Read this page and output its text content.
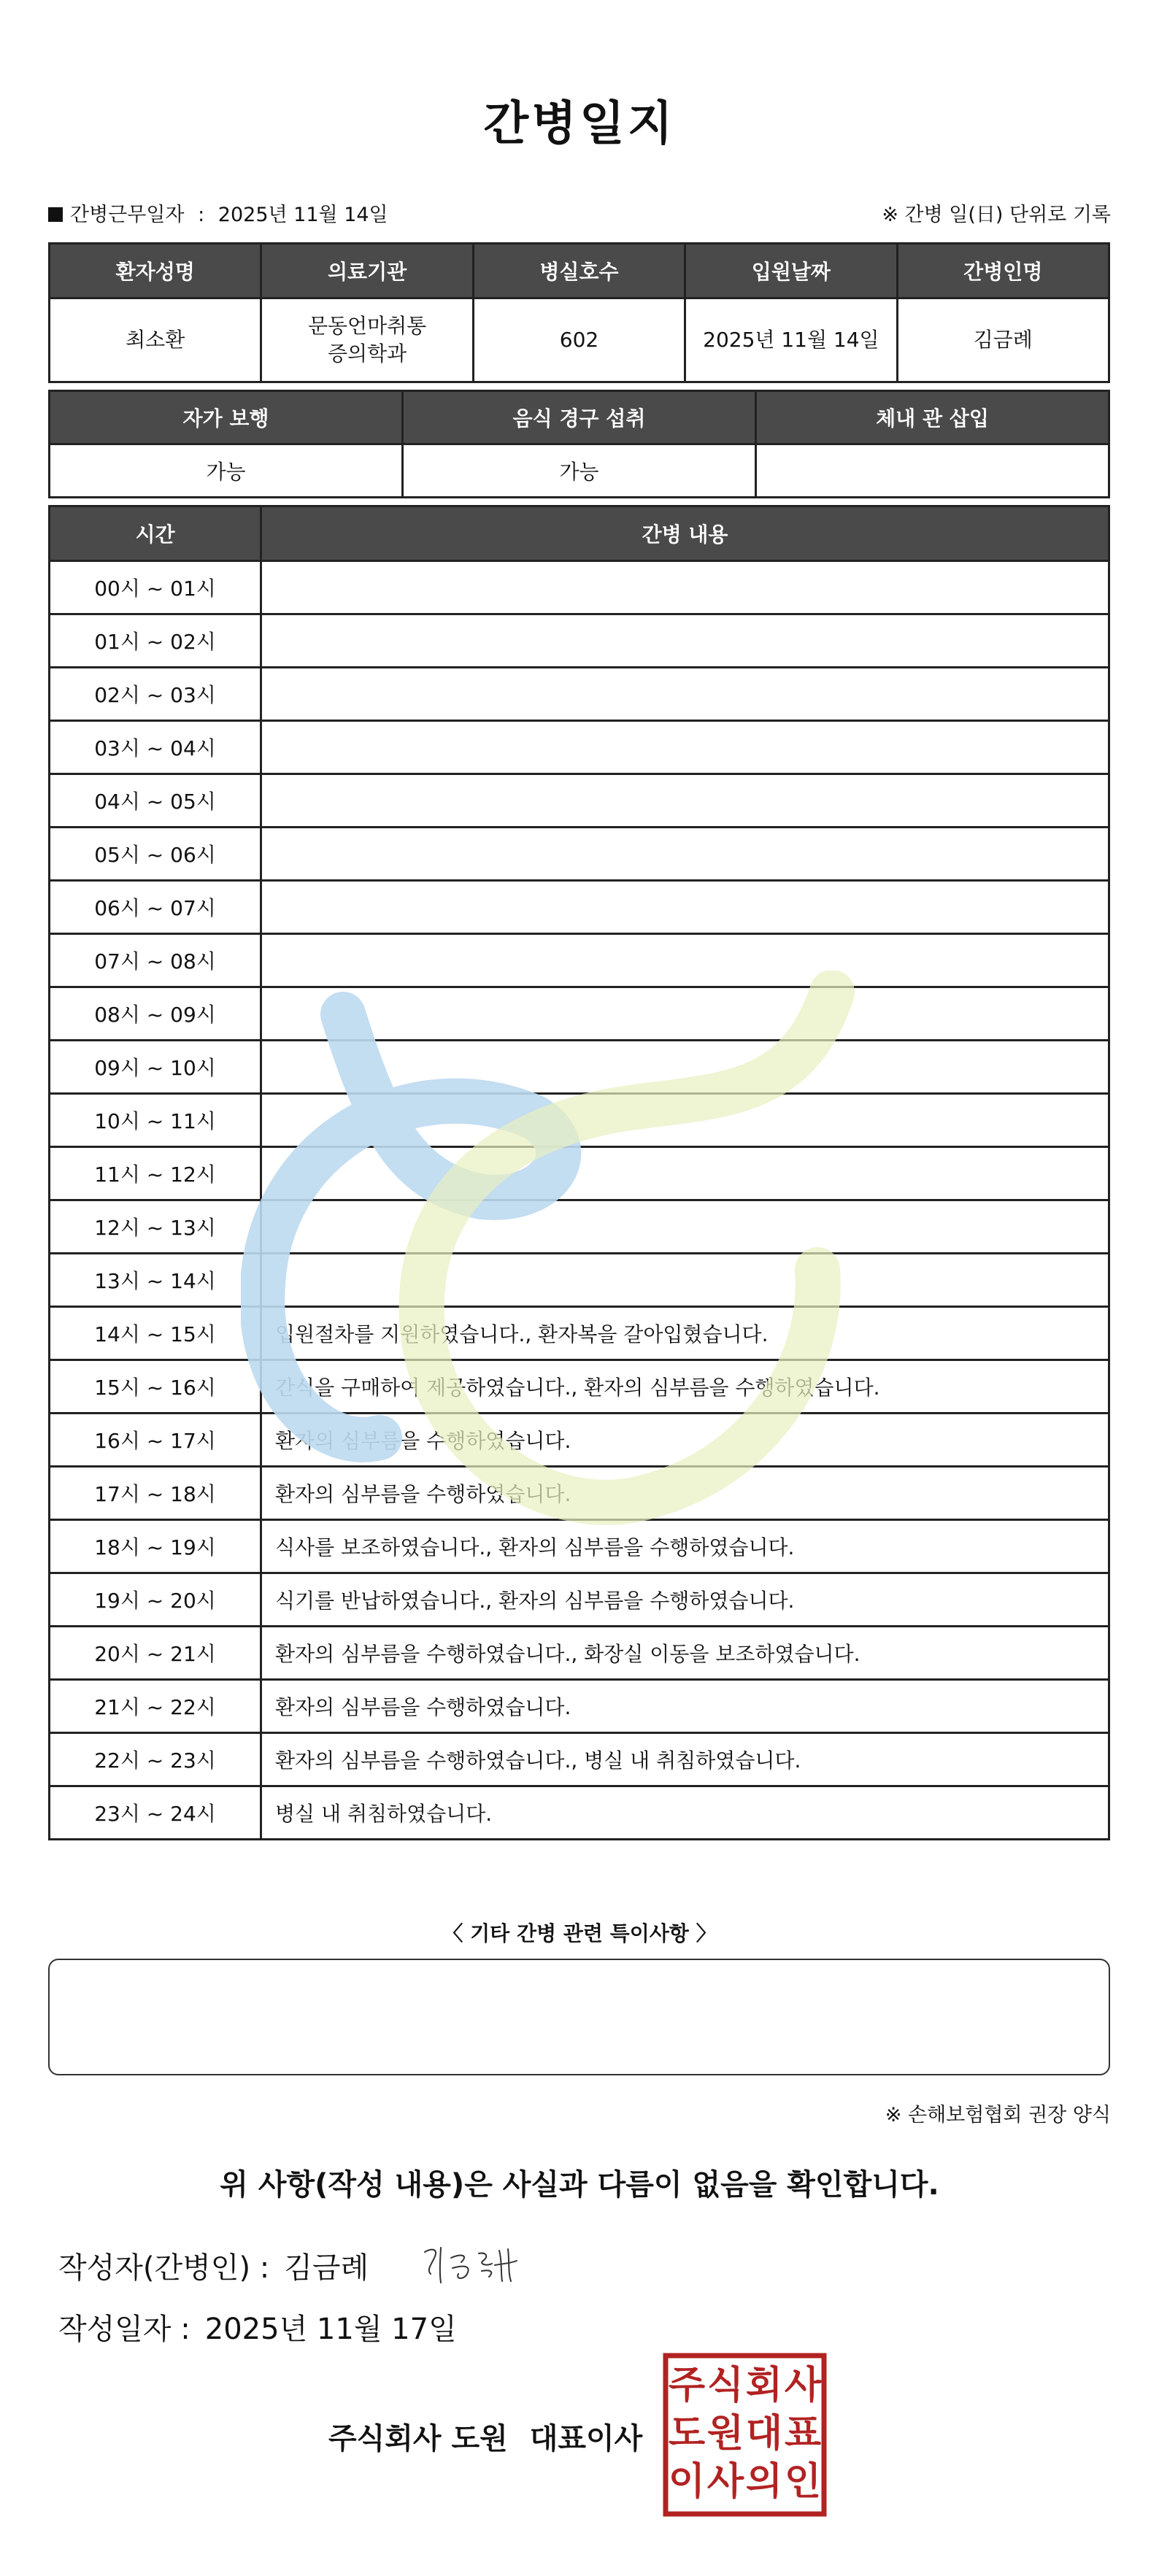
간병일지
간병근무일자 : 2025년 11월 14일	※ 간병 일(日) 단위로 기록
환자성명	의료기관	병실호수	입원날짜	간병인명
최소환	문동언마취통증의학과	602	2025년 11월 14일	김금례
자가 보행	음식 경구 섭취	체내 관 삽입
가능	가능	
시간	간병 내용
00시 ~ 01시	
01시 ~ 02시	
02시 ~ 03시	
03시 ~ 04시	
04시 ~ 05시	
05시 ~ 06시	
06시 ~ 07시	
07시 ~ 08시	
08시 ~ 09시	
09시 ~ 10시	
10시 ~ 11시	
11시 ~ 12시	
12시 ~ 13시	
13시 ~ 14시	
14시 ~ 15시	입원절차를 지원하였습니다., 환자복을 갈아입혔습니다.
15시 ~ 16시	간식을 구매하여 제공하였습니다., 환자의 심부름을 수행하였습니다.
16시 ~ 17시	환자의 심부름을 수행하였습니다.
17시 ~ 18시	환자의 심부름을 수행하였습니다.
18시 ~ 19시	식사를 보조하였습니다., 환자의 심부름을 수행하였습니다.
19시 ~ 20시	식기를 반납하였습니다., 환자의 심부름을 수행하였습니다.
20시 ~ 21시	환자의 심부름을 수행하였습니다., 화장실 이동을 보조하였습니다.
21시 ~ 22시	환자의 심부름을 수행하였습니다.
22시 ~ 23시	환자의 심부름을 수행하였습니다., 병실 내 취침하였습니다.
23시 ~ 24시	병실 내 취침하였습니다.
〈 기타 간병 관련 특이사항 〉
※ 손해보험협회 권장 양식
위 사항(작성 내용)은 사실과 다름이 없음을 확인합니다.
작성자(간병인) : 김금례
작성일자 : 2025년 11월 17일
주식회사 도원 대표이사
주 식 회 사
도 원 대 표
이 사 의 인
